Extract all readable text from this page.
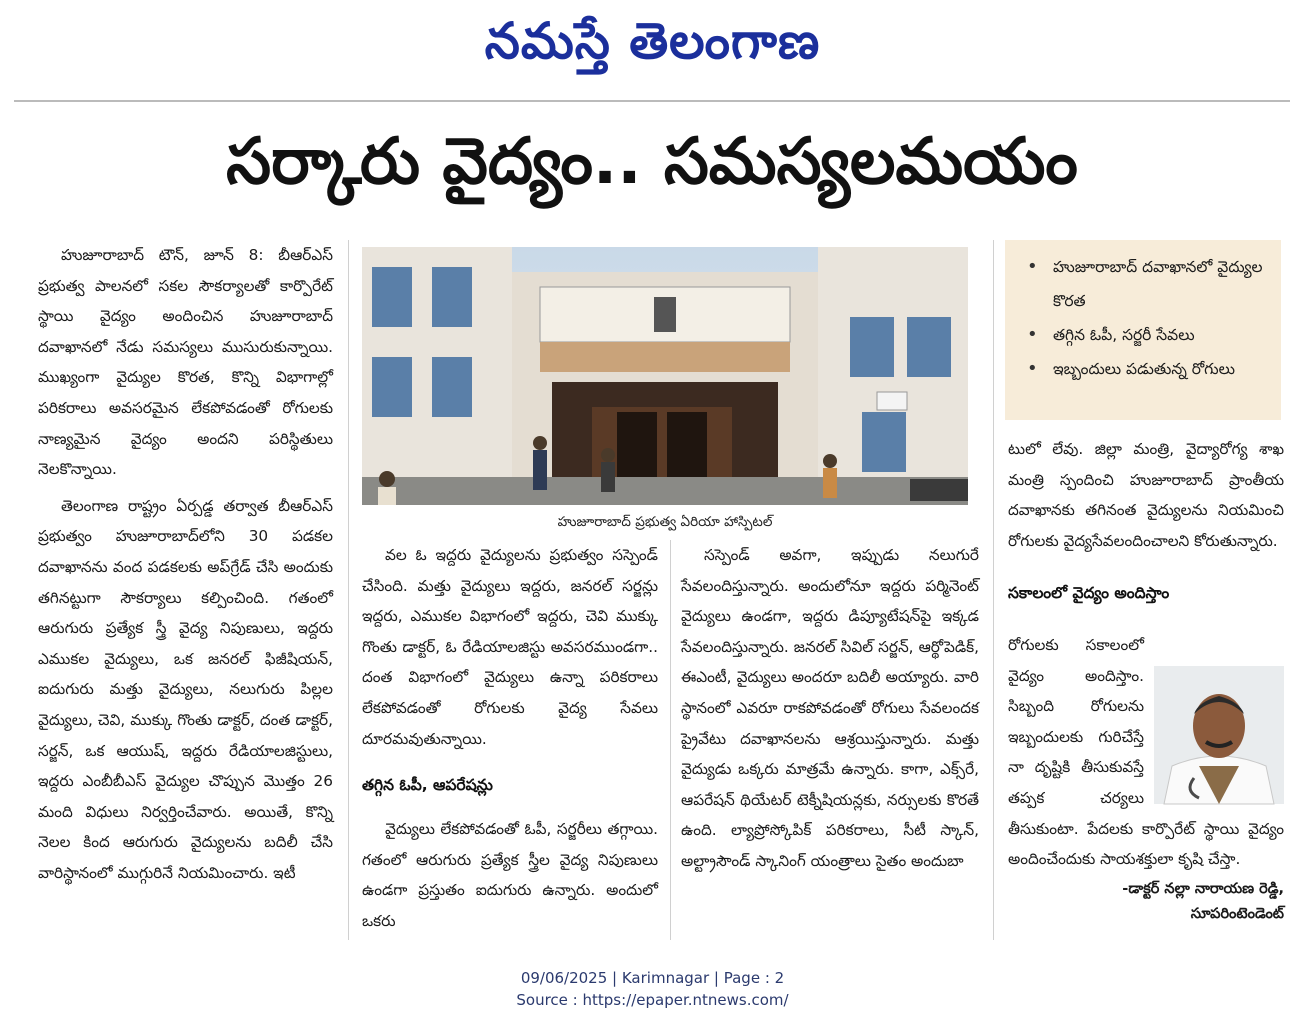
నమస్తే తెలంగాణ
సర్కారు వైద్యం.. సమస్యలమయం

హుజూరాబాద్ టౌన్, జూన్ 8: బీఆర్ఎస్ ప్రభుత్వ పాలనలో సకల సౌకర్యాలతో కార్పొరేట్ స్థాయి వైద్యం అందించిన హుజూరాబాద్ దవాఖానలో నేడు సమస్యలు ముసురుకున్నాయి. ముఖ్యంగా వైద్యుల కొరత, కొన్ని విభాగాల్లో పరికరాలు అవసరమైన లేకపోవడంతో రోగులకు నాణ్యమైన వైద్యం అందని పరిస్థితులు నెలకొన్నాయి.

తెలంగాణ రాష్ట్రం ఏర్పడ్డ తర్వాత బీఆర్ఎస్ ప్రభుత్వం హుజూరాబాద్‌లోని 30 పడకల దవాఖానను వంద పడకలకు అప్‌గ్రేడ్ చేసి అందుకు తగినట్టుగా సౌకర్యాలు కల్పించింది. గతంలో ఆరుగురు ప్రత్యేక స్త్రీ వైద్య నిపుణులు, ఇద్దరు ఎముకల వైద్యులు, ఒక జనరల్ ఫిజీషియన్, ఐదుగురు మత్తు వైద్యులు, నలుగురు పిల్లల వైద్యులు, చెవి, ముక్కు గొంతు డాక్టర్, దంత డాక్టర్, సర్జన్, ఒక ఆయుష్, ఇద్దరు రేడియాలజిస్టులు, ఇద్దరు ఎంబీబీఎస్ వైద్యుల చొప్పున మొత్తం 26 మంది విధులు నిర్వర్తించేవారు. అయితే, కొన్ని నెలల కింద ఆరుగురు వైద్యులను బదిలీ చేసి వారిస్థానంలో ముగ్గురినే నియమించారు. ఇటీ

హుజూరాబాద్ ప్రభుత్వ ఏరియా హాస్పిటల్

వల ఓ ఇద్దరు వైద్యులను ప్రభుత్వం సస్పెండ్ చేసింది. మత్తు వైద్యులు ఇద్దరు, జనరల్ సర్జన్లు ఇద్దరు, ఎముకల విభాగంలో ఇద్దరు, చెవి ముక్కు గొంతు డాక్టర్, ఓ రేడియాలజిస్టు అవసరముండగా.. దంత విభాగంలో వైద్యులు ఉన్నా పరికరాలు లేకపోవడంతో రోగులకు వైద్య సేవలు దూరమవుతున్నాయి.

తగ్గిన ఓపీ, ఆపరేషన్లు

వైద్యులు లేకపోవడంతో ఓపీ, సర్జరీలు తగ్గాయి. గతంలో ఆరుగురు ప్రత్యేక స్త్రీల వైద్య నిపుణులు ఉండగా ప్రస్తుతం ఐదుగురు ఉన్నారు. అందులో ఒకరు

సస్పెండ్ అవగా, ఇప్పుడు నలుగురే సేవలందిస్తున్నారు. అందులోనూ ఇద్దరు పర్మినెంట్ వైద్యులు ఉండగా, ఇద్దరు డిప్యూటేషన్‌పై ఇక్కడ సేవలందిస్తున్నారు. జనరల్ సివిల్ సర్జన్, ఆర్థోపెడిక్, ఈఎంటీ, వైద్యులు అందరూ బదిలీ అయ్యారు. వారి స్థానంలో ఎవరూ రాకపోవడంతో రోగులు సేవలందక ప్రైవేటు దవాఖానలను ఆశ్రయిస్తున్నారు. మత్తు వైద్యుడు ఒక్కరు మాత్రమే ఉన్నారు. కాగా, ఎక్స్‌రే, ఆపరేషన్ థియేటర్ టెక్నీషియన్లకు, నర్సులకు కొరతే ఉంది. ల్యాప్రోస్కోపిక్ పరికరాలు, సీటీ స్కాన్, అల్ట్రాసౌండ్ స్కానింగ్ యంత్రాలు సైతం అందుబా

• హుజూరాబాద్ దవాఖానలో వైద్యుల కొరత
• తగ్గిన ఓపీ, సర్జరీ సేవలు
• ఇబ్బందులు పడుతున్న రోగులు

టులో లేవు. జిల్లా మంత్రి, వైద్యారోగ్య శాఖ మంత్రి స్పందించి హుజూరాబాద్ ప్రాంతీయ దవాఖానకు తగినంత వైద్యులను నియమించి రోగులకు వైద్యసేవలందించాలని కోరుతున్నారు.

సకాలంలో వైద్యం అందిస్తాం

రోగులకు సకాలంలో వైద్యం అందిస్తాం. సిబ్బంది రోగులను ఇబ్బందులకు గురిచేస్తే నా దృష్టికి తీసుకువస్తే తప్పక చర్యలు తీసుకుంటా. పేదలకు కార్పొరేట్ స్థాయి వైద్యం అందించేందుకు సాయశక్తులా కృషి చేస్తా.

-డాక్టర్ నల్లా నారాయణ రెడ్డి,
సూపరింటెండెంట్
09/06/2025 | Karimnagar | Page : 2
Source : https://epaper.ntnews.com/
